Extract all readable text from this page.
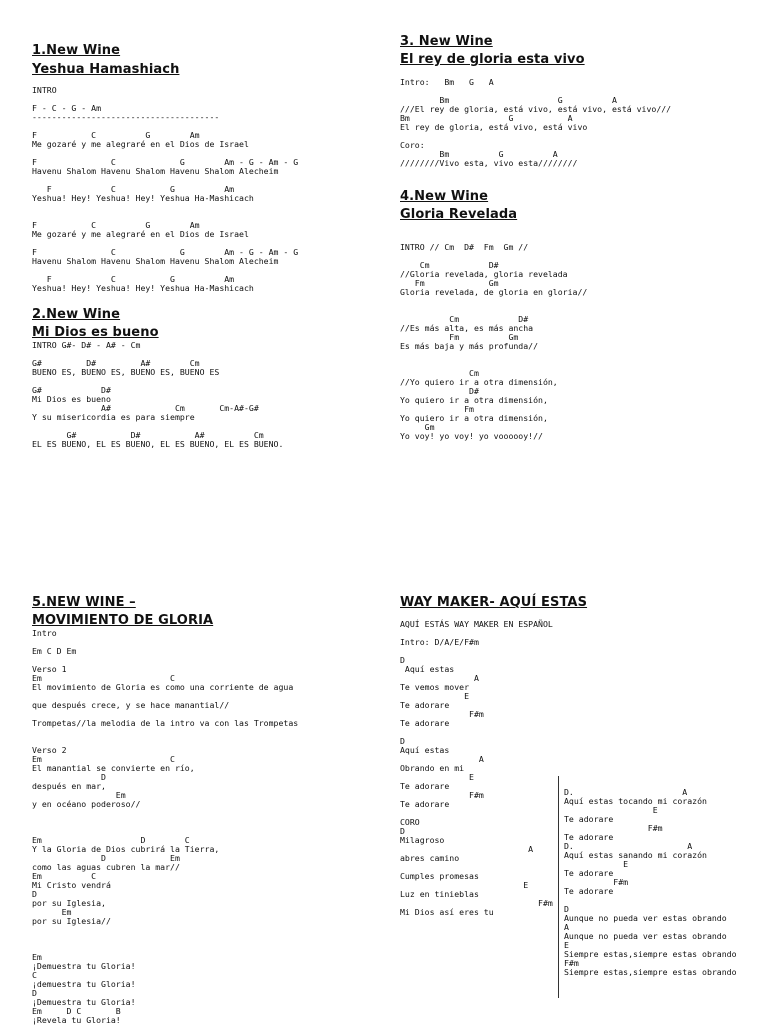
1.New Wine
Yeshua Hamashiach
INTRO

F - C - G - Am
--------------------------------------

F           C          G        Am
Me gozaré y me alegraré en el Dios de Israel

F               C             G        Am - G - Am - G
Havenu Shalom Havenu Shalom Havenu Shalom Alecheim

F            C           G          Am
Yeshua! Hey! Yeshua! Hey! Yeshua Ha-Mashicach

F           C          G        Am
Me gozaré y me alegraré en el Dios de Israel

F               C             G        Am - G - Am - G
Havenu Shalom Havenu Shalom Havenu Shalom Alecheim

F            C           G          Am
Yeshua! Hey! Yeshua! Hey! Yeshua Ha-Mashicach
2.New Wine
Mi Dios es bueno
INTRO G#- D# - A# - Cm

G#         D#         A#        Cm
BUENO ES, BUENO ES, BUENO ES, BUENO ES

G#            D#
Mi Dios es bueno
A#             Cm       Cm-A#-G#
Y su misericordia es para siempre

G#           D#           A#          Cm
EL ES BUENO, EL ES BUENO, EL ES BUENO, EL ES BUENO.
3. New Wine
El rey de gloria esta vivo
Intro:   Bm   G   A

Bm                      G          A
///El rey de gloria, está vivo, está vivo, está vivo///
Bm                    G           A
El rey de gloria, está vivo, está vivo

Coro:
Bm          G          A
////////Vivo esta, vivo esta////////
4.New Wine
Gloria Revelada
INTRO // Cm  D#  Fm  Gm //

Cm            D#
//Gloria revelada, gloria revelada
Fm             Gm
Gloria revelada, de gloria en gloria//

Cm            D#
//Es más alta, es más ancha
Fm          Gm
Es más baja y más profunda//

Cm
//Yo quiero ir a otra dimensión,
D#
Yo quiero ir a otra dimensión,
Fm
Yo quiero ir a otra dimensión,
Gm
Yo voy! yo voy! yo voooooy!//
5.NEW WINE –
MOVIMIENTO DE GLORIA
Intro

Em C D Em

Verso 1
Em                          C
El movimiento de Gloria es como una corriente de agua

que después crece, y se hace manantial//

Trompetas//la melodia de la intro va con las Trompetas

Verso 2
Em                          C
El manantial se convierte en río,
D
después en mar,
Em
y en océano poderoso//

Em                    D        C
Y la Gloria de Dios cubrirá la Tierra,
D             Em
como las aguas cubren la mar//
Em          C
Mi Cristo vendrá
D
por su Iglesia,
Em
por su Iglesia//

Em
¡Demuestra tu Gloria!
C
¡demuestra tu Gloria!
D
¡Demuestra tu Gloria!
Em     D C       B
¡Revela tu Gloria!
WAY MAKER- AQUÍ ESTAS
AQUÍ ESTÁS WAY MAKER EN ESPAÑOL

Intro: D/A/E/F#m

D
Aquí estas
A
Te vemos mover
E
Te adorare
F#m
Te adorare

D
Aquí estas
A
Obrando en mi
E
Te adorare
F#m
Te adorare

CORO
D
Milagroso
A
abres camino

Cumples promesas
E
Luz en tinieblas
F#m
Mi Dios así eres tu
D.                      A
Aquí estas tocando mi corazón
E
Te adorare
F#m
Te adorare
D.                       A
Aquí estas sanando mi corazón
E
Te adorare
F#m
Te adorare

D
Aunque no pueda ver estas obrando
A
Aunque no pueda ver estas obrando
E
Siempre estas,siempre estas obrando
F#m
Siempre estas,siempre estas obrando
